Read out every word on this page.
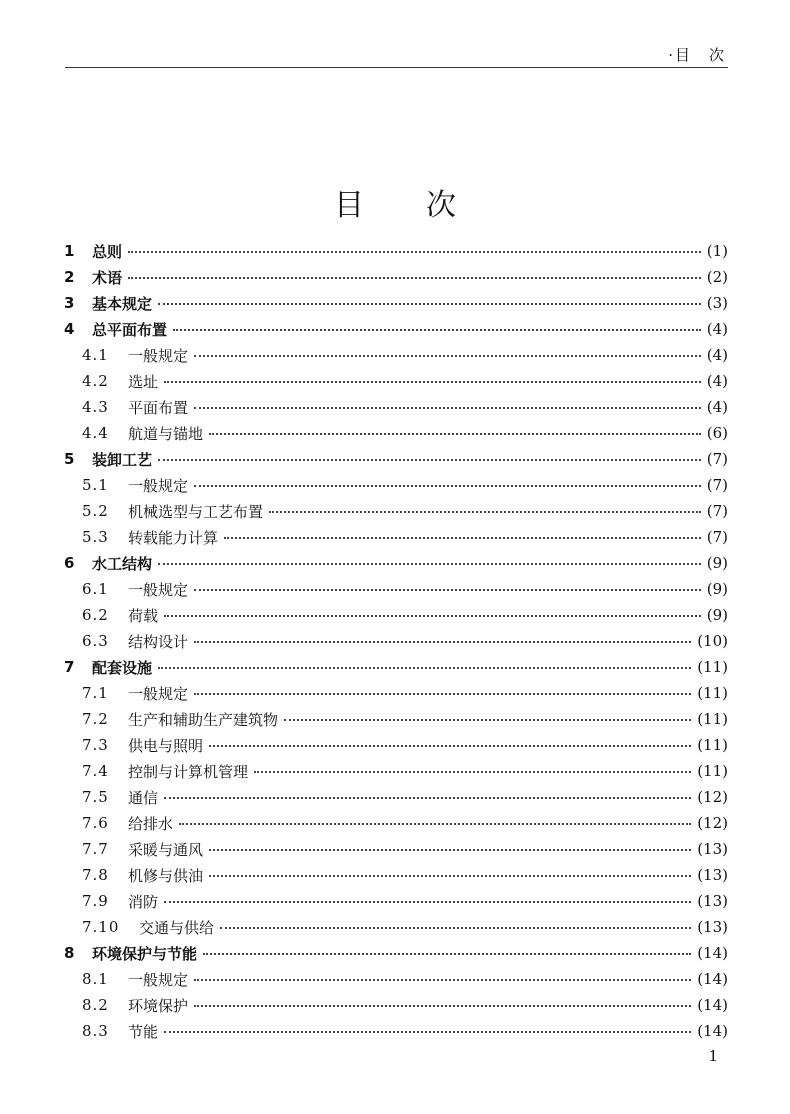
·目　次
目次
1 总则	(1)
2 术语	(2)
3 基本规定	(3)
4 总平面布置	(4)
4.1 一般规定	(4)
4.2 选址	(4)
4.3 平面布置	(4)
4.4 航道与锚地	(6)
5 装卸工艺	(7)
5.1 一般规定	(7)
5.2 机械选型与工艺布置	(7)
5.3 转载能力计算	(7)
6 水工结构	(9)
6.1 一般规定	(9)
6.2 荷载	(9)
6.3 结构设计	(10)
7 配套设施	(11)
7.1 一般规定	(11)
7.2 生产和辅助生产建筑物	(11)
7.3 供电与照明	(11)
7.4 控制与计算机管理	(11)
7.5 通信	(12)
7.6 给排水	(12)
7.7 采暖与通风	(13)
7.8 机修与供油	(13)
7.9 消防	(13)
7.10 交通与供给	(13)
8 环境保护与节能	(14)
8.1 一般规定	(14)
8.2 环境保护	(14)
8.3 节能	(14)
1
